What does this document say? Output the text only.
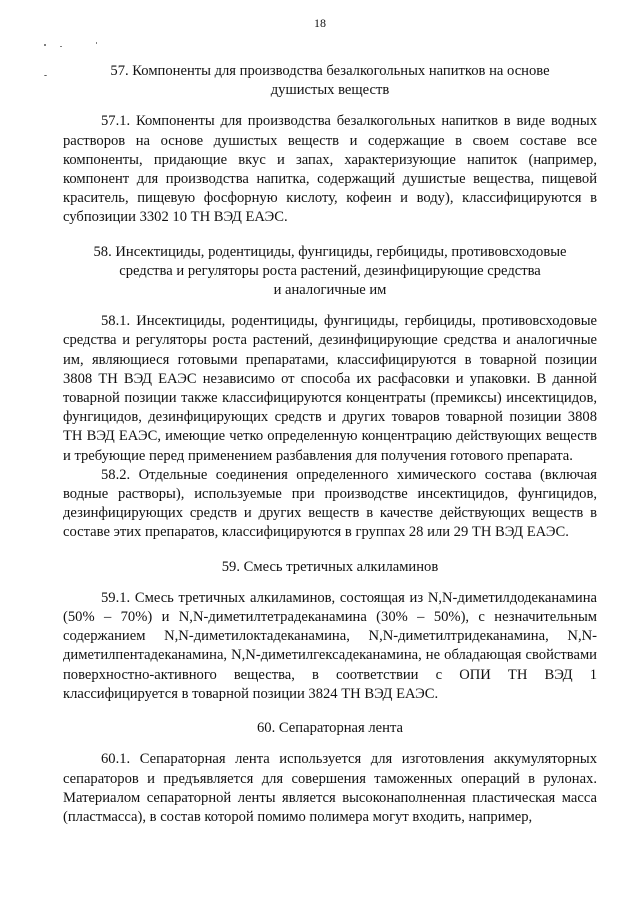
18
57. Компоненты для производства безалкогольных напитков на основе
душистых веществ

57.1. Компоненты для производства безалкогольных напитков в виде водных растворов на основе душистых веществ и содержащие в своем составе все компоненты, придающие вкус и запах, характеризующие напиток (например, компонент для производства напитка, содержащий душистые вещества, пищевой краситель, пищевую фосфорную кислоту, кофеин и воду), классифицируются в субпозиции 3302 10 ТН ВЭД ЕАЭС.

58. Инсектициды, родентициды, фунгициды, гербициды, противовсходовые
средства и регуляторы роста растений, дезинфицирующие средства
и аналогичные им

58.1. Инсектициды, родентициды, фунгициды, гербициды, противовсходовые средства и регуляторы роста растений, дезинфицирующие средства и аналогичные им, являющиеся готовыми препаратами, классифицируются в товарной позиции 3808 ТН ВЭД ЕАЭС независимо от способа их расфасовки и упаковки. В данной товарной позиции также классифицируются концентраты (премиксы) инсектицидов, фунгицидов, дезинфицирующих средств и других товаров товарной позиции 3808 ТН ВЭД ЕАЭС, имеющие четко определенную концентрацию действующих веществ и требующие перед применением разбавления для получения готового препарата.

58.2. Отдельные соединения определенного химического состава (включая водные растворы), используемые при производстве инсектицидов, фунгицидов, дезинфицирующих средств и других веществ в качестве действующих веществ в составе этих препаратов, классифицируются в группах 28 или 29 ТН ВЭД ЕАЭС.

59. Смесь третичных алкиламинов

59.1. Смесь третичных алкиламинов, состоящая из N,N-диметилдодеканамина (50% – 70%) и N,N-диметилтетрадеканамина (30% – 50%), с незначительным содержанием N,N-диметилоктадеканамина, N,N-диметилтридеканамина, N,N-диметилпентадеканамина, N,N-диметилгексадеканамина, не обладающая свойствами поверхностно-активного вещества, в соответствии с ОПИ ТН ВЭД 1 классифицируется в товарной позиции 3824 ТН ВЭД ЕАЭС.

60. Сепараторная лента

60.1. Сепараторная лента используется для изготовления аккумуляторных сепараторов и предъявляется для совершения таможенных операций в рулонах. Материалом сепараторной ленты является высоконаполненная пластическая масса (пластмасса), в состав которой помимо полимера могут входить, например,
